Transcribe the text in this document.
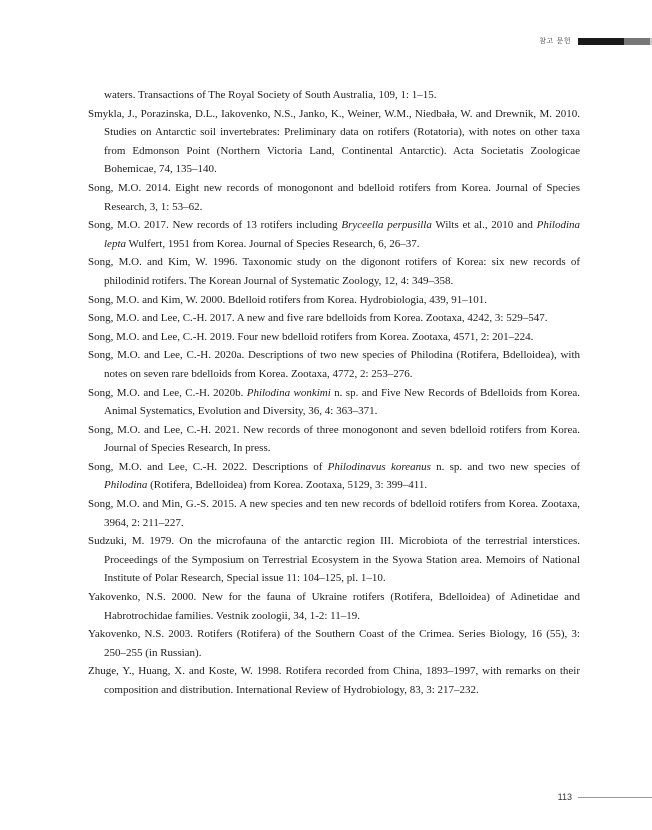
참고 문헌

waters. Transactions of The Royal Society of South Australia, 109, 1: 1–15.

Smykla, J., Porazinska, D.L., Iakovenko, N.S., Janko, K., Weiner, W.M., Niedbała, W. and Drewnik, M. 2010. Studies on Antarctic soil invertebrates: Preliminary data on rotifers (Rotatoria), with notes on other taxa from Edmonson Point (Northern Victoria Land, Continental Antarctic). Acta Societatis Zoologicae Bohemicae, 74, 135–140.

Song, M.O. 2014. Eight new records of monogonont and bdelloid rotifers from Korea. Journal of Species Research, 3, 1: 53–62.

Song, M.O. 2017. New records of 13 rotifers including Bryceella perpusilla Wilts et al., 2010 and Philodina lepta Wulfert, 1951 from Korea. Journal of Species Research, 6, 26–37.

Song, M.O. and Kim, W. 1996. Taxonomic study on the digonont rotifers of Korea: six new records of philodinid rotifers. The Korean Journal of Systematic Zoology, 12, 4: 349–358.

Song, M.O. and Kim, W. 2000. Bdelloid rotifers from Korea. Hydrobiologia, 439, 91–101.

Song, M.O. and Lee, C.-H. 2017. A new and five rare bdelloids from Korea. Zootaxa, 4242, 3: 529–547.

Song, M.O. and Lee, C.-H. 2019. Four new bdelloid rotifers from Korea. Zootaxa, 4571, 2: 201–224.

Song, M.O. and Lee, C.-H. 2020a. Descriptions of two new species of Philodina (Rotifera, Bdelloidea), with notes on seven rare bdelloids from Korea. Zootaxa, 4772, 2: 253–276.

Song, M.O. and Lee, C.-H. 2020b. Philodina wonkimi n. sp. and Five New Records of Bdelloids from Korea. Animal Systematics, Evolution and Diversity, 36, 4: 363–371.

Song, M.O. and Lee, C.-H. 2021. New records of three monogonont and seven bdelloid rotifers from Korea. Journal of Species Research, In press.

Song, M.O. and Lee, C.-H. 2022. Descriptions of Philodinavus koreanus n. sp. and two new species of Philodina (Rotifera, Bdelloidea) from Korea. Zootaxa, 5129, 3: 399–411.

Song, M.O. and Min, G.-S. 2015. A new species and ten new records of bdelloid rotifers from Korea. Zootaxa, 3964, 2: 211–227.

Sudzuki, M. 1979. On the microfauna of the antarctic region III. Microbiota of the terrestrial interstices. Proceedings of the Symposium on Terrestrial Ecosystem in the Syowa Station area. Memoirs of National Institute of Polar Research, Special issue 11: 104–125, pl. 1–10.

Yakovenko, N.S. 2000. New for the fauna of Ukraine rotifers (Rotifera, Bdelloidea) of Adinetidae and Habrotrochidae families. Vestnik zoologii, 34, 1-2: 11–19.

Yakovenko, N.S. 2003. Rotifers (Rotifera) of the Southern Coast of the Crimea. Series Biology, 16 (55), 3: 250–255 (in Russian).

Zhuge, Y., Huang, X. and Koste, W. 1998. Rotifera recorded from China, 1893–1997, with remarks on their composition and distribution. International Review of Hydrobiology, 83, 3: 217–232.

113
